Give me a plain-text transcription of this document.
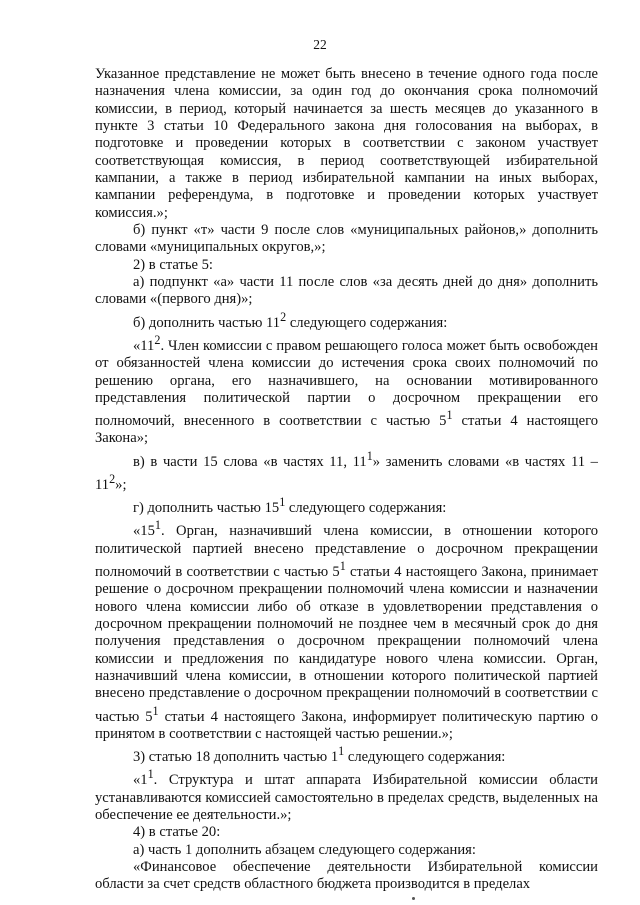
22

Указанное представление не может быть внесено в течение одного года после назначения члена комиссии, за один год до окончания срока полномочий комиссии, в период, который начинается за шесть месяцев до указанного в пункте 3 статьи 10 Федерального закона дня голосования на выборах, в подготовке и проведении которых в соответствии с законом участвует соответствующая комиссия, в период соответствующей избирательной кампании, а также в период избирательной кампании на иных выборах, кампании референдума, в подготовке и проведении которых участвует комиссия.»;

б) пункт «т» части 9 после слов «муниципальных районов,» дополнить словами «муниципальных округов,»;

2) в статье 5:

а) подпункт «а» части 11 после слов «за десять дней до дня» дополнить словами «(первого дня)»;

б) дополнить частью $11^2$ следующего содержания:

«$11^2$. Член комиссии с правом решающего голоса может быть освобожден от обязанностей члена комиссии до истечения срока своих полномочий по решению органа, его назначившего, на основании мотивированного представления политической партии о досрочном прекращении его полномочий, внесенного в соответствии с частью $5^1$ статьи 4 настоящего Закона»;

в) в части 15 слова «в частях 11, $11^1$» заменить словами «в частях $11 - 11^2$»;

г) дополнить частью $15^1$ следующего содержания:

«$15^1$. Орган, назначивший члена комиссии, в отношении которого политической партией внесено представление о досрочном прекращении полномочий в соответствии с частью $5^1$ статьи 4 настоящего Закона, принимает решение о досрочном прекращении полномочий члена комиссии и назначении нового члена комиссии либо об отказе в удовлетворении представления о досрочном прекращении полномочий не позднее чем в месячный срок до дня получения представления о досрочном прекращении полномочий члена комиссии и предложения по кандидатуре нового члена комиссии. Орган, назначивший члена комиссии, в отношении которого политической партией внесено представление о досрочном прекращении полномочий в соответствии с частью $5^1$ статьи 4 настоящего Закона, информирует политическую партию о принятом в соответствии с настоящей частью решении.»;

3) статью 18 дополнить частью $1^1$ следующего содержания:

«$1^1$. Структура и штат аппарата Избирательной комиссии области устанавливаются комиссией самостоятельно в пределах средств, выделенных на обеспечение ее деятельности.»;

4) в статье 20:

а) часть 1 дополнить абзацем следующего содержания:

«Финансовое обеспечение деятельности Избирательной комиссии области за счет средств областного бюджета производится в пределах
